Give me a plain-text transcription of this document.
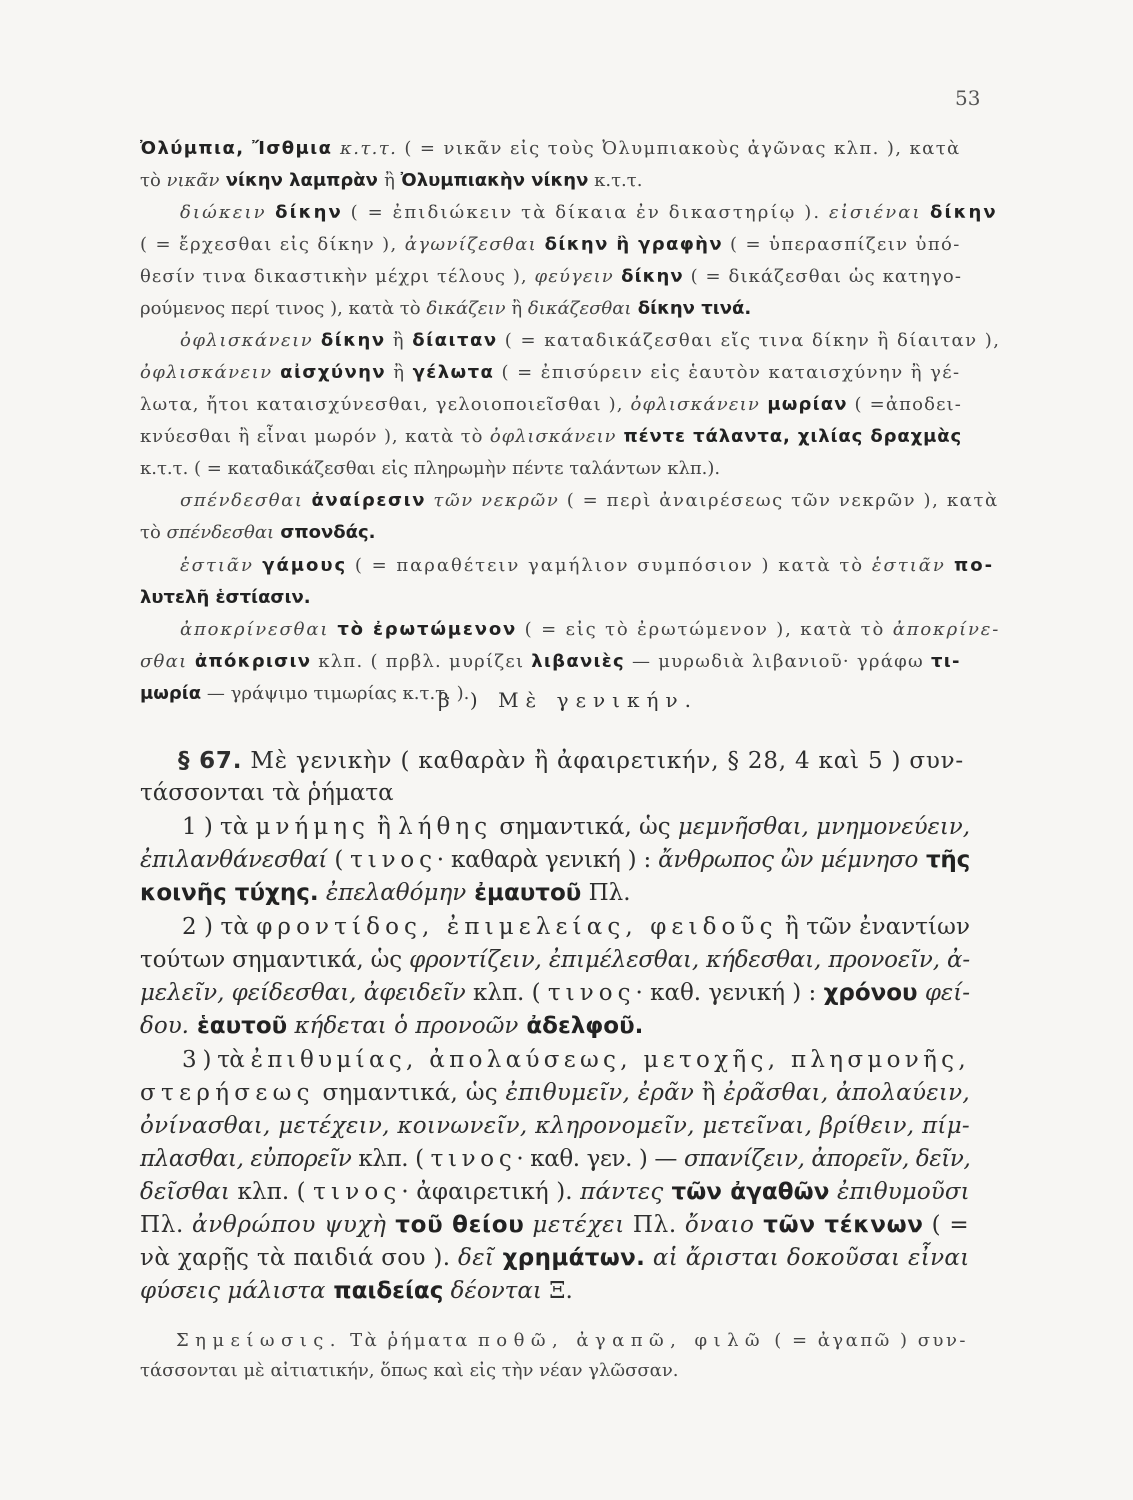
53
Ὀλύμπια, Ἴσθμια κ.τ.τ. ( = νικᾶν εἰς τοὺς Ὀλυμπιακοὺς ἀγῶνας κλπ. ), κατὰ
τὸ νικᾶν νίκην λαμπρὰν ἢ Ὀλυμπιακὴν νίκην κ.τ.τ.
διώκειν δίκην ( = ἐπιδιώκειν τὰ δίκαια ἐν δικαστηρίῳ ). εἰσιέναι δίκην
( = ἔρχεσθαι εἰς δίκην ), ἀγωνίζεσθαι δίκην ἢ γραφὴν ( = ὑπερασπίζειν ὑπό-
θεσίν τινα δικαστικὴν μέχρι τέλους ), φεύγειν δίκην ( = δικάζεσθαι ὡς κατηγο-
ρούμενος περί τινος ), κατὰ τὸ δικάζειν ἢ δικάζεσθαι δίκην τινά.
ὀφλισκάνειν δίκην ἢ δίαιταν ( = καταδικάζεσθαι εἴς τινα δίκην ἢ δίαιταν ),
ὀφλισκάνειν αἰσχύνην ἢ γέλωτα ( = ἐπισύρειν εἰς ἑαυτὸν καταισχύνην ἢ γέ-
λωτα, ἤτοι καταισχύνεσθαι, γελοιοποιεῖσθαι ), ὀφλισκάνειν μωρίαν ( =ἀποδει-
κνύεσθαι ἢ εἶναι μωρόν ), κατὰ τὸ ὀφλισκάνειν πέντε τάλαντα, χιλίας δραχμὰς
κ.τ.τ. ( = καταδικάζεσθαι εἰς πληρωμὴν πέντε ταλάντων κλπ.).
σπένδεσθαι ἀναίρεσιν τῶν νεκρῶν ( = περὶ ἀναιρέσεως τῶν νεκρῶν ), κατὰ
τὸ σπένδεσθαι σπονδάς.
ἑστιᾶν γάμους ( = παραθέτειν γαμήλιον συμπόσιον ) κατὰ τὸ ἑστιᾶν πο-
λυτελῆ ἑστίασιν.
ἀποκρίνεσθαι τὸ ἐρωτώμενον ( = εἰς τὸ ἐρωτώμενον ), κατὰ τὸ ἀποκρίνε-
σθαι ἀπόκρισιν κλπ. ( πρβλ. μυρίζει λιβανιὲς — μυρωδιὰ λιβανιοῦ· γράφω τι-
μωρία — γράψιμο τιμωρίας κ.τ.τ. ).
β ) Μὲ γενικήν.
§ 67. Μὲ γενικὴν ( καθαρὰν ἢ ἀφαιρετικήν, § 28, 4 καὶ 5 ) συν-
τάσσονται τὰ ῥήματα
1 ) τὰ μνήμης ἢ λήθης σημαντικά, ὡς μεμνῆσθαι, μνημονεύειν,
ἐπιλανθάνεσθαί ( τινος· καθαρὰ γενική ) : ἄνθρωπος ὢν μέμνησο τῆς
κοινῆς τύχης. ἐπελαθόμην ἐμαυτοῦ Πλ.
2 ) τὰ φροντίδος, ἐπιμελείας, φειδοῦς ἢ τῶν ἐναντίων
τούτων σημαντικά, ὡς φροντίζειν, ἐπιμέλεσθαι, κήδεσθαι, προνοεῖν, ἀ-
μελεῖν, φείδεσθαι, ἀφειδεῖν κλπ. ( τινος· καθ. γενική ) : χρόνου φεί-
δου. ἑαυτοῦ κήδεται ὁ προνοῶν ἀδελφοῦ.
3 ) τὰ ἐπιθυμίας, ἀπολαύσεως, μετοχῆς, πλησμονῆς,
στερήσεως σημαντικά, ὡς ἐπιθυμεῖν, ἐρᾶν ἢ ἐρᾶσθαι, ἀπολαύειν,
ὀνίνασθαι, μετέχειν, κοινωνεῖν, κληρονομεῖν, μετεῖναι, βρίθειν, πίμ-
πλασθαι, εὐπορεῖν κλπ. ( τινος· καθ. γεν. ) — σπανίζειν, ἀπορεῖν, δεῖν,
δεῖσθαι κλπ. ( τινος· ἀφαιρετική ). πάντες τῶν ἀγαθῶν ἐπιθυμοῦσι
Πλ. ἀνθρώπου ψυχὴ τοῦ θείου μετέχει Πλ. ὄναιο τῶν τέκνων ( =
νὰ χαρῇς τὰ παιδιά σου ). δεῖ χρημάτων. αἱ ἄρισται δοκοῦσαι εἶναι
φύσεις μάλιστα παιδείας δέονται Ξ.
Σημείωσις. Τὰ ῥήματα ποθῶ, ἀγαπῶ, φιλῶ ( = ἀγαπῶ ) συν-
τάσσονται μὲ αἰτιατικήν, ὅπως καὶ εἰς τὴν νέαν γλῶσσαν.
